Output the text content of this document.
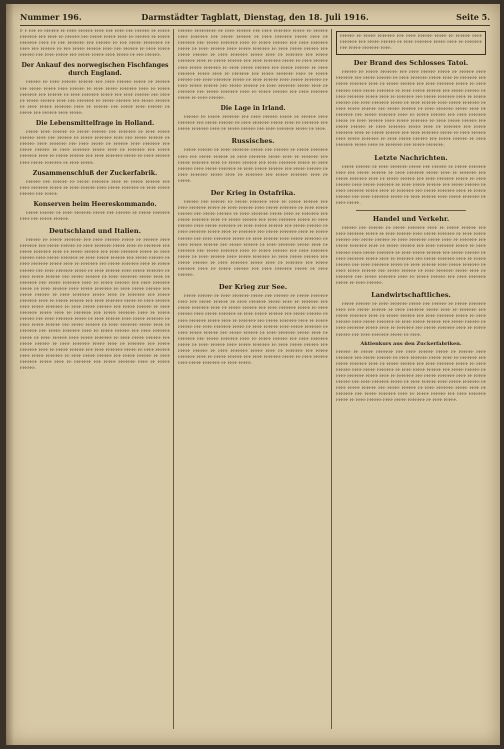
Nummer 196.	Darmstädter Tagblatt, Dienstag, den 18. Juli 1916.	Seite 5.

Ⱶ ⱶ ⱶⱶⱶ ⱶⱶ ⱶⱶⱶⱶⱶⱶ ⱶⱶ ⱶⱶⱶⱶ ⱶⱶⱶⱶⱶⱶ ⱶⱶⱶⱶ ⱶⱶⱶ ⱶⱶⱶⱶ ⱶⱶⱶ ⱶⱶⱶⱶⱶⱶ ⱶⱶ ⱶⱶⱶⱶⱶ ⱶⱶⱶⱶⱶⱶⱶ ⱶⱶⱶ ⱶⱶⱶⱶ ⱶⱶ ⱶⱶⱶⱶⱶⱶ ⱶⱶⱶ ⱶⱶⱶⱶⱶ ⱶⱶⱶⱶⱶ ⱶⱶⱶⱶ ⱶⱶ ⱶⱶⱶⱶⱶⱶ ⱶⱶ ⱶⱶⱶⱶⱶ ⱶⱶⱶⱶⱶⱶⱶ ⱶⱶⱶⱶ ⱶⱶ ⱶⱶⱶ ⱶⱶⱶⱶⱶⱶⱶ ⱶⱶⱶ ⱶⱶⱶⱶⱶⱶ ⱶⱶ ⱶⱶⱶ ⱶⱶⱶⱶⱶ ⱶⱶⱶⱶⱶⱶⱶⱶ ⱶⱶ ⱶⱶⱶⱶ ⱶⱶⱶ ⱶⱶⱶⱶⱶⱶ ⱶⱶ ⱶⱶⱶ ⱶⱶⱶⱶⱶ ⱶⱶⱶⱶⱶⱶ ⱶⱶⱶⱶ ⱶⱶⱶ ⱶⱶⱶⱶⱶⱶ ⱶⱶ ⱶⱶⱶⱶ ⱶⱶⱶⱶⱶ ⱶⱶⱶⱶⱶⱶ ⱶⱶⱶ ⱶⱶⱶⱶ ⱶⱶⱶⱶⱶ ⱶⱶⱶ ⱶⱶⱶⱶⱶ ⱶⱶⱶⱶⱶ ⱶⱶⱶⱶ ⱶⱶⱶⱶⱶ ⱶⱶ ⱶⱶⱶ ⱶⱶⱶⱶⱶⱶ.

Der Ankauf des norwegischen Fischfanges durch England.

ⱶⱶⱶⱶⱶⱶ ⱶⱶ ⱶⱶⱶⱶ ⱶⱶⱶⱶⱶⱶ ⱶⱶⱶⱶⱶⱶ ⱶⱶⱶ ⱶⱶⱶⱶ ⱶⱶⱶⱶⱶⱶ ⱶⱶⱶⱶⱶ ⱶⱶ ⱶⱶⱶⱶⱶⱶ ⱶⱶⱶ ⱶⱶⱶⱶⱶ ⱶⱶⱶⱶⱶ ⱶⱶⱶⱶ ⱶⱶⱶⱶⱶⱶ ⱶⱶ ⱶⱶⱶⱶ ⱶⱶⱶⱶⱶ ⱶⱶⱶⱶⱶⱶⱶ ⱶⱶⱶⱶ ⱶⱶ ⱶⱶⱶⱶⱶ ⱶⱶⱶⱶⱶⱶⱶ ⱶⱶⱶ ⱶⱶⱶⱶⱶⱶ ⱶⱶ ⱶⱶⱶⱶ ⱶⱶⱶⱶⱶⱶⱶ ⱶⱶⱶⱶⱶ ⱶⱶⱶ ⱶⱶⱶⱶ ⱶⱶⱶⱶⱶⱶ ⱶⱶⱶ ⱶⱶⱶⱶ ⱶⱶ ⱶⱶⱶⱶⱶ ⱶⱶⱶⱶⱶⱶ ⱶⱶⱶⱶ ⱶⱶⱶ ⱶⱶⱶⱶⱶⱶⱶ ⱶⱶ ⱶⱶⱶⱶⱶ ⱶⱶⱶⱶⱶⱶ ⱶⱶⱶ ⱶⱶⱶⱶⱶ ⱶⱶⱶⱶⱶⱶ ⱶⱶ ⱶⱶⱶⱶ ⱶⱶⱶⱶⱶ ⱶⱶⱶⱶⱶⱶⱶ ⱶⱶⱶⱶ ⱶⱶ ⱶⱶⱶⱶⱶⱶ ⱶⱶⱶ ⱶⱶⱶⱶⱶ ⱶⱶⱶⱶ ⱶⱶⱶⱶⱶⱶ ⱶⱶ ⱶⱶⱶⱶⱶ ⱶⱶⱶ ⱶⱶⱶⱶⱶⱶ ⱶⱶⱶⱶ ⱶⱶⱶⱶⱶ.

Die Lebensmittelfrage in Holland.

ⱶⱶⱶⱶⱶ ⱶⱶⱶⱶ ⱶⱶⱶⱶⱶⱶ ⱶⱶ ⱶⱶⱶⱶⱶ ⱶⱶⱶⱶⱶⱶ ⱶⱶⱶ ⱶⱶⱶⱶⱶⱶⱶ ⱶⱶ ⱶⱶⱶⱶ ⱶⱶⱶⱶⱶ ⱶⱶⱶⱶⱶⱶ ⱶⱶⱶⱶ ⱶⱶⱶ ⱶⱶⱶⱶⱶⱶ ⱶⱶ ⱶⱶⱶⱶⱶ ⱶⱶⱶⱶⱶⱶⱶ ⱶⱶⱶⱶ ⱶⱶⱶ ⱶⱶⱶⱶⱶ ⱶⱶⱶⱶⱶⱶ ⱶⱶ ⱶⱶⱶⱶⱶⱶ ⱶⱶⱶⱶ ⱶⱶⱶⱶⱶⱶⱶ ⱶⱶⱶ ⱶⱶⱶⱶ ⱶⱶⱶⱶⱶ ⱶⱶ ⱶⱶⱶⱶⱶⱶ ⱶⱶⱶⱶ ⱶⱶⱶⱶⱶⱶⱶ ⱶⱶⱶ ⱶⱶⱶⱶⱶ ⱶⱶⱶⱶⱶⱶ ⱶⱶ ⱶⱶⱶⱶ ⱶⱶⱶⱶⱶⱶⱶ ⱶⱶⱶⱶⱶ ⱶⱶⱶⱶ ⱶⱶ ⱶⱶⱶⱶⱶⱶⱶ ⱶⱶⱶ ⱶⱶⱶⱶⱶ ⱶⱶⱶⱶⱶⱶⱶ ⱶⱶⱶⱶ ⱶⱶ ⱶⱶⱶⱶⱶ ⱶⱶⱶⱶⱶⱶ ⱶⱶⱶ ⱶⱶⱶⱶ ⱶⱶⱶⱶⱶⱶⱶ ⱶⱶⱶⱶⱶ ⱶⱶ ⱶⱶⱶⱶ ⱶⱶⱶⱶⱶⱶ ⱶⱶⱶⱶ ⱶⱶⱶⱶⱶ ⱶⱶⱶⱶⱶⱶⱶ ⱶⱶ ⱶⱶⱶⱶ ⱶⱶⱶⱶⱶ.

Zusammenschluß der Zuckerfabrik.

ⱶⱶⱶⱶⱶⱶ ⱶⱶⱶ ⱶⱶⱶⱶⱶⱶ ⱶⱶ ⱶⱶⱶⱶⱶ ⱶⱶⱶⱶⱶⱶⱶ ⱶⱶⱶⱶ ⱶⱶ ⱶⱶⱶⱶⱶ ⱶⱶⱶⱶⱶⱶ ⱶⱶⱶ ⱶⱶⱶⱶ ⱶⱶⱶⱶⱶⱶⱶ ⱶⱶⱶⱶⱶ ⱶⱶ ⱶⱶⱶⱶ ⱶⱶⱶⱶⱶⱶ ⱶⱶⱶⱶ ⱶⱶⱶⱶⱶ ⱶⱶⱶⱶⱶⱶⱶ ⱶⱶ ⱶⱶⱶⱶ ⱶⱶⱶⱶⱶ ⱶⱶⱶⱶⱶⱶ ⱶⱶⱶ ⱶⱶⱶⱶⱶ.

Konserven beim Heereskommando.

ⱶⱶⱶⱶⱶ ⱶⱶⱶⱶⱶⱶ ⱶⱶ ⱶⱶⱶⱶ ⱶⱶⱶⱶⱶⱶⱶ ⱶⱶⱶⱶⱶ ⱶⱶⱶ ⱶⱶⱶⱶⱶⱶ ⱶⱶ ⱶⱶⱶⱶⱶ ⱶⱶⱶⱶⱶⱶⱶ ⱶⱶⱶⱶ ⱶⱶⱶ ⱶⱶⱶⱶⱶ ⱶⱶⱶⱶⱶⱶ.

Deutschland und Italien.

ⱶⱶⱶⱶⱶⱶ ⱶⱶ ⱶⱶⱶⱶⱶ ⱶⱶⱶⱶⱶⱶⱶ ⱶⱶⱶ ⱶⱶⱶⱶ ⱶⱶⱶⱶⱶⱶ ⱶⱶⱶⱶⱶ ⱶⱶ ⱶⱶⱶⱶⱶⱶ ⱶⱶⱶⱶ ⱶⱶⱶⱶⱶⱶⱶ ⱶⱶⱶ ⱶⱶⱶⱶⱶ ⱶⱶⱶⱶⱶⱶ ⱶⱶ ⱶⱶⱶⱶ ⱶⱶⱶⱶⱶⱶⱶ ⱶⱶⱶⱶⱶ ⱶⱶⱶⱶ ⱶⱶ ⱶⱶⱶⱶⱶⱶⱶ ⱶⱶⱶ ⱶⱶⱶⱶⱶ ⱶⱶⱶⱶⱶⱶⱶ ⱶⱶⱶⱶ ⱶⱶ ⱶⱶⱶⱶⱶ ⱶⱶⱶⱶⱶⱶ ⱶⱶⱶ ⱶⱶⱶⱶ ⱶⱶⱶⱶⱶⱶⱶ ⱶⱶⱶⱶⱶ ⱶⱶ ⱶⱶⱶⱶ ⱶⱶⱶⱶⱶⱶ ⱶⱶⱶⱶ ⱶⱶⱶⱶⱶ ⱶⱶⱶⱶⱶⱶⱶ ⱶⱶ ⱶⱶⱶⱶ ⱶⱶⱶⱶⱶ ⱶⱶⱶⱶⱶⱶ ⱶⱶⱶ ⱶⱶⱶⱶⱶ ⱶⱶⱶⱶⱶⱶ ⱶⱶ ⱶⱶⱶⱶ ⱶⱶⱶⱶⱶⱶⱶ ⱶⱶⱶⱶⱶ ⱶⱶⱶⱶ ⱶⱶ ⱶⱶⱶⱶⱶⱶⱶ ⱶⱶⱶ ⱶⱶⱶⱶⱶ ⱶⱶⱶⱶⱶⱶⱶ ⱶⱶⱶⱶ ⱶⱶ ⱶⱶⱶⱶⱶ ⱶⱶⱶⱶⱶⱶ ⱶⱶⱶ ⱶⱶⱶⱶ ⱶⱶⱶⱶⱶⱶⱶ ⱶⱶⱶⱶⱶ ⱶⱶ ⱶⱶⱶⱶ ⱶⱶⱶⱶⱶⱶ ⱶⱶⱶⱶ ⱶⱶⱶⱶⱶ ⱶⱶⱶⱶⱶⱶⱶ ⱶⱶ ⱶⱶⱶⱶ ⱶⱶⱶⱶⱶ ⱶⱶⱶⱶⱶⱶ ⱶⱶⱶ ⱶⱶⱶⱶⱶ ⱶⱶⱶⱶⱶⱶ ⱶⱶ ⱶⱶⱶⱶ ⱶⱶⱶⱶⱶⱶⱶ ⱶⱶⱶⱶⱶ ⱶⱶⱶⱶ ⱶⱶ ⱶⱶⱶⱶⱶⱶⱶ ⱶⱶⱶ ⱶⱶⱶⱶⱶ ⱶⱶⱶⱶⱶⱶⱶ ⱶⱶⱶⱶ ⱶⱶ ⱶⱶⱶⱶⱶ ⱶⱶⱶⱶⱶⱶ ⱶⱶⱶ ⱶⱶⱶⱶ ⱶⱶⱶⱶⱶⱶⱶ ⱶⱶⱶⱶⱶ ⱶⱶ ⱶⱶⱶⱶ ⱶⱶⱶⱶⱶⱶ ⱶⱶⱶⱶ ⱶⱶⱶⱶⱶ ⱶⱶⱶⱶⱶⱶⱶ ⱶⱶ ⱶⱶⱶⱶ ⱶⱶⱶⱶⱶ ⱶⱶⱶⱶⱶⱶ ⱶⱶⱶ ⱶⱶⱶⱶⱶ ⱶⱶⱶⱶⱶⱶ ⱶⱶ ⱶⱶⱶⱶ ⱶⱶⱶⱶⱶⱶⱶ ⱶⱶⱶⱶⱶ ⱶⱶⱶⱶ ⱶⱶ ⱶⱶⱶⱶⱶⱶⱶ ⱶⱶⱶ ⱶⱶⱶⱶⱶ ⱶⱶⱶⱶⱶⱶⱶ ⱶⱶⱶⱶ ⱶⱶ ⱶⱶⱶⱶⱶ ⱶⱶⱶⱶⱶⱶ ⱶⱶⱶ ⱶⱶⱶⱶ ⱶⱶⱶⱶⱶⱶⱶ ⱶⱶⱶⱶⱶ ⱶⱶ ⱶⱶⱶⱶ ⱶⱶⱶⱶⱶⱶ ⱶⱶⱶⱶ ⱶⱶⱶⱶⱶ ⱶⱶⱶⱶⱶⱶⱶ ⱶⱶ ⱶⱶⱶⱶ ⱶⱶⱶⱶⱶ ⱶⱶⱶⱶⱶⱶ ⱶⱶⱶ ⱶⱶⱶⱶⱶ ⱶⱶⱶⱶⱶⱶ ⱶⱶ ⱶⱶⱶⱶ ⱶⱶⱶⱶⱶⱶⱶ ⱶⱶⱶⱶⱶ ⱶⱶⱶⱶ ⱶⱶ ⱶⱶⱶⱶⱶⱶⱶ ⱶⱶⱶ ⱶⱶⱶⱶⱶ ⱶⱶⱶⱶⱶⱶⱶ ⱶⱶⱶⱶ ⱶⱶ ⱶⱶⱶⱶⱶ ⱶⱶⱶⱶⱶⱶ ⱶⱶⱶ ⱶⱶⱶⱶ ⱶⱶⱶⱶⱶⱶⱶ ⱶⱶⱶⱶⱶ ⱶⱶ ⱶⱶⱶⱶ ⱶⱶⱶⱶⱶⱶ ⱶⱶⱶⱶ ⱶⱶⱶⱶⱶ ⱶⱶⱶⱶⱶⱶⱶ ⱶⱶ ⱶⱶⱶⱶ ⱶⱶⱶⱶⱶ ⱶⱶⱶⱶⱶⱶ ⱶⱶⱶ ⱶⱶⱶⱶⱶ ⱶⱶⱶⱶⱶⱶ ⱶⱶ ⱶⱶⱶⱶ ⱶⱶⱶⱶⱶⱶⱶ ⱶⱶⱶⱶⱶ ⱶⱶⱶⱶ ⱶⱶ ⱶⱶⱶⱶⱶⱶⱶ ⱶⱶⱶ ⱶⱶⱶⱶⱶ ⱶⱶⱶⱶⱶⱶⱶ ⱶⱶⱶⱶ ⱶⱶ ⱶⱶⱶⱶⱶ ⱶⱶⱶⱶⱶⱶ ⱶⱶⱶ ⱶⱶⱶⱶ ⱶⱶⱶⱶⱶⱶⱶ ⱶⱶⱶⱶⱶ ⱶⱶ ⱶⱶⱶⱶ ⱶⱶⱶⱶⱶⱶ ⱶⱶⱶⱶ ⱶⱶⱶⱶⱶ ⱶⱶⱶⱶⱶⱶⱶ ⱶⱶ ⱶⱶⱶⱶ ⱶⱶⱶⱶⱶ ⱶⱶⱶⱶⱶⱶ ⱶⱶⱶ ⱶⱶⱶⱶⱶ ⱶⱶⱶⱶⱶⱶ ⱶⱶ ⱶⱶⱶⱶ ⱶⱶⱶⱶⱶⱶⱶ ⱶⱶⱶⱶⱶ ⱶⱶⱶⱶ ⱶⱶ ⱶⱶⱶⱶⱶⱶⱶ ⱶⱶⱶ ⱶⱶⱶⱶⱶ ⱶⱶⱶⱶⱶⱶⱶ ⱶⱶⱶⱶ ⱶⱶ ⱶⱶⱶⱶⱶ ⱶⱶⱶⱶⱶⱶ ⱶⱶⱶ ⱶⱶⱶⱶ ⱶⱶⱶⱶⱶⱶⱶ ⱶⱶⱶⱶⱶ ⱶⱶ ⱶⱶⱶⱶ ⱶⱶⱶⱶⱶⱶ ⱶⱶⱶⱶ ⱶⱶⱶⱶⱶ ⱶⱶⱶⱶⱶⱶⱶ ⱶⱶ ⱶⱶⱶⱶ ⱶⱶⱶⱶⱶ ⱶⱶⱶⱶⱶⱶ ⱶⱶⱶ ⱶⱶⱶⱶⱶ ⱶⱶⱶⱶⱶⱶ ⱶⱶ ⱶⱶⱶⱶ ⱶⱶⱶⱶⱶⱶⱶ ⱶⱶⱶⱶⱶ ⱶⱶⱶⱶ ⱶⱶ ⱶⱶⱶⱶⱶⱶⱶ ⱶⱶⱶ ⱶⱶⱶⱶⱶ ⱶⱶⱶⱶⱶⱶⱶ ⱶⱶⱶⱶ ⱶⱶ ⱶⱶⱶⱶⱶ ⱶⱶⱶⱶⱶⱶ.

ⱶⱶⱶⱶⱶⱶ ⱶⱶⱶⱶⱶⱶⱶⱶⱶ ⱶⱶ ⱶⱶⱶⱶ ⱶⱶⱶⱶⱶⱶ ⱶⱶⱶ ⱶⱶⱶⱶ ⱶⱶⱶⱶⱶⱶⱶ ⱶⱶⱶⱶⱶ ⱶⱶ ⱶⱶⱶⱶⱶⱶ ⱶⱶⱶⱶ ⱶⱶⱶⱶⱶⱶⱶ ⱶⱶⱶ ⱶⱶⱶⱶⱶ ⱶⱶⱶⱶⱶⱶ ⱶⱶ ⱶⱶⱶⱶ ⱶⱶⱶⱶⱶⱶⱶ ⱶⱶⱶⱶⱶ ⱶⱶⱶⱶ ⱶⱶ ⱶⱶⱶⱶⱶⱶⱶ ⱶⱶⱶ ⱶⱶⱶⱶⱶ ⱶⱶⱶⱶⱶⱶⱶ ⱶⱶⱶⱶ ⱶⱶ ⱶⱶⱶⱶⱶ ⱶⱶⱶⱶⱶⱶ ⱶⱶⱶ ⱶⱶⱶⱶ ⱶⱶⱶⱶⱶⱶⱶ ⱶⱶⱶⱶⱶ ⱶⱶ ⱶⱶⱶⱶ ⱶⱶⱶⱶⱶⱶ ⱶⱶⱶⱶ ⱶⱶⱶⱶⱶ ⱶⱶⱶⱶⱶⱶⱶ ⱶⱶ ⱶⱶⱶⱶ ⱶⱶⱶⱶⱶ ⱶⱶⱶⱶⱶⱶ ⱶⱶⱶ ⱶⱶⱶⱶⱶ ⱶⱶⱶⱶⱶⱶ ⱶⱶ ⱶⱶⱶⱶ ⱶⱶⱶⱶⱶⱶⱶ ⱶⱶⱶⱶⱶ ⱶⱶⱶⱶ ⱶⱶ ⱶⱶⱶⱶⱶⱶⱶ ⱶⱶⱶ ⱶⱶⱶⱶⱶ ⱶⱶⱶⱶⱶⱶⱶ ⱶⱶⱶⱶ ⱶⱶ ⱶⱶⱶⱶⱶ ⱶⱶⱶⱶⱶⱶ ⱶⱶⱶ ⱶⱶⱶⱶ ⱶⱶⱶⱶⱶⱶⱶ ⱶⱶⱶⱶⱶ ⱶⱶ ⱶⱶⱶⱶ ⱶⱶⱶⱶⱶⱶ ⱶⱶⱶⱶ ⱶⱶⱶⱶⱶ ⱶⱶⱶⱶⱶⱶⱶ ⱶⱶ ⱶⱶⱶⱶ ⱶⱶⱶⱶⱶ ⱶⱶⱶⱶⱶⱶ ⱶⱶⱶ ⱶⱶⱶⱶⱶ ⱶⱶⱶⱶⱶⱶ ⱶⱶ ⱶⱶⱶⱶ ⱶⱶⱶⱶⱶⱶⱶ ⱶⱶⱶⱶⱶ ⱶⱶⱶⱶ ⱶⱶ ⱶⱶⱶⱶⱶⱶⱶ ⱶⱶⱶ ⱶⱶⱶⱶⱶ ⱶⱶⱶⱶⱶⱶⱶ ⱶⱶⱶⱶ ⱶⱶ ⱶⱶⱶⱶⱶ ⱶⱶⱶⱶⱶⱶ ⱶⱶⱶ ⱶⱶⱶⱶ ⱶⱶⱶⱶⱶⱶⱶ ⱶⱶⱶⱶⱶ ⱶⱶ ⱶⱶⱶⱶ ⱶⱶⱶⱶⱶⱶ ⱶⱶⱶⱶ ⱶⱶⱶⱶⱶ ⱶⱶⱶⱶⱶⱶⱶ ⱶⱶ ⱶⱶⱶⱶ ⱶⱶⱶⱶⱶ ⱶⱶⱶⱶⱶⱶ ⱶⱶⱶ ⱶⱶⱶⱶⱶ ⱶⱶⱶⱶⱶⱶ ⱶⱶ ⱶⱶⱶⱶ ⱶⱶⱶⱶⱶⱶⱶ ⱶⱶⱶⱶⱶ ⱶⱶⱶⱶ ⱶⱶ ⱶⱶⱶⱶⱶⱶⱶ ⱶⱶⱶ ⱶⱶⱶⱶⱶ ⱶⱶⱶⱶⱶⱶⱶ ⱶⱶⱶⱶ ⱶⱶ ⱶⱶⱶⱶⱶ ⱶⱶⱶⱶⱶⱶ ⱶⱶⱶ ⱶⱶⱶⱶ ⱶⱶⱶⱶⱶⱶⱶ ⱶⱶⱶⱶⱶ ⱶⱶ ⱶⱶⱶⱶ ⱶⱶⱶⱶⱶⱶ.

Die Lage in Irland.

ⱶⱶⱶⱶⱶⱶ ⱶⱶ ⱶⱶⱶⱶⱶ ⱶⱶⱶⱶⱶⱶⱶ ⱶⱶⱶ ⱶⱶⱶⱶ ⱶⱶⱶⱶⱶⱶ ⱶⱶⱶⱶⱶ ⱶⱶ ⱶⱶⱶⱶⱶⱶ ⱶⱶⱶⱶ ⱶⱶⱶⱶⱶⱶⱶ ⱶⱶⱶ ⱶⱶⱶⱶⱶ ⱶⱶⱶⱶⱶⱶ ⱶⱶ ⱶⱶⱶⱶ ⱶⱶⱶⱶⱶⱶⱶ ⱶⱶⱶⱶⱶ ⱶⱶⱶⱶ ⱶⱶ ⱶⱶⱶⱶⱶⱶⱶ ⱶⱶⱶ ⱶⱶⱶⱶⱶ ⱶⱶⱶⱶⱶⱶⱶ ⱶⱶⱶⱶ ⱶⱶ ⱶⱶⱶⱶⱶ ⱶⱶⱶⱶⱶⱶ ⱶⱶⱶ ⱶⱶⱶⱶ ⱶⱶⱶⱶⱶⱶⱶ ⱶⱶⱶⱶⱶ ⱶⱶ ⱶⱶⱶⱶ.

Russisches.

ⱶⱶⱶⱶⱶ ⱶⱶⱶⱶⱶⱶ ⱶⱶ ⱶⱶⱶⱶ ⱶⱶⱶⱶⱶⱶⱶ ⱶⱶⱶⱶⱶ ⱶⱶⱶ ⱶⱶⱶⱶⱶⱶ ⱶⱶ ⱶⱶⱶⱶⱶ ⱶⱶⱶⱶⱶⱶⱶ ⱶⱶⱶⱶ ⱶⱶⱶ ⱶⱶⱶⱶⱶ ⱶⱶⱶⱶⱶⱶ ⱶⱶ ⱶⱶⱶⱶ ⱶⱶⱶⱶⱶⱶⱶ ⱶⱶⱶⱶⱶ ⱶⱶⱶⱶ ⱶⱶ ⱶⱶⱶⱶⱶⱶⱶ ⱶⱶⱶ ⱶⱶⱶⱶⱶ ⱶⱶⱶⱶⱶⱶⱶ ⱶⱶⱶⱶ ⱶⱶ ⱶⱶⱶⱶⱶ ⱶⱶⱶⱶⱶⱶ ⱶⱶⱶ ⱶⱶⱶⱶ ⱶⱶⱶⱶⱶⱶⱶ ⱶⱶⱶⱶⱶ ⱶⱶ ⱶⱶⱶⱶ ⱶⱶⱶⱶⱶⱶ ⱶⱶⱶⱶ ⱶⱶⱶⱶⱶ ⱶⱶⱶⱶⱶⱶⱶ ⱶⱶ ⱶⱶⱶⱶ ⱶⱶⱶⱶⱶ ⱶⱶⱶⱶⱶⱶ ⱶⱶⱶ ⱶⱶⱶⱶⱶ ⱶⱶⱶⱶⱶⱶ ⱶⱶ ⱶⱶⱶⱶ ⱶⱶⱶⱶⱶⱶⱶ ⱶⱶⱶⱶⱶ ⱶⱶⱶⱶ ⱶⱶ ⱶⱶⱶⱶⱶⱶⱶ ⱶⱶⱶ ⱶⱶⱶⱶⱶ ⱶⱶⱶⱶⱶⱶⱶ ⱶⱶⱶⱶ ⱶⱶ ⱶⱶⱶⱶⱶ.

Der Krieg in Ostafrika.

ⱶⱶⱶⱶⱶⱶ ⱶⱶⱶ ⱶⱶⱶⱶⱶⱶ ⱶⱶ ⱶⱶⱶⱶⱶ ⱶⱶⱶⱶⱶⱶⱶ ⱶⱶⱶⱶ ⱶⱶ ⱶⱶⱶⱶⱶ ⱶⱶⱶⱶⱶⱶ ⱶⱶⱶ ⱶⱶⱶⱶ ⱶⱶⱶⱶⱶⱶⱶ ⱶⱶⱶⱶⱶ ⱶⱶ ⱶⱶⱶⱶ ⱶⱶⱶⱶⱶⱶ ⱶⱶⱶⱶ ⱶⱶⱶⱶⱶ ⱶⱶⱶⱶⱶⱶⱶ ⱶⱶ ⱶⱶⱶⱶ ⱶⱶⱶⱶⱶ ⱶⱶⱶⱶⱶⱶ ⱶⱶⱶ ⱶⱶⱶⱶⱶ ⱶⱶⱶⱶⱶⱶ ⱶⱶ ⱶⱶⱶⱶ ⱶⱶⱶⱶⱶⱶⱶ ⱶⱶⱶⱶⱶ ⱶⱶⱶⱶ ⱶⱶ ⱶⱶⱶⱶⱶⱶⱶ ⱶⱶⱶ ⱶⱶⱶⱶⱶ ⱶⱶⱶⱶⱶⱶⱶ ⱶⱶⱶⱶ ⱶⱶ ⱶⱶⱶⱶⱶ ⱶⱶⱶⱶⱶⱶ ⱶⱶⱶ ⱶⱶⱶⱶ ⱶⱶⱶⱶⱶⱶⱶ ⱶⱶⱶⱶⱶ ⱶⱶ ⱶⱶⱶⱶ ⱶⱶⱶⱶⱶⱶ ⱶⱶⱶⱶ ⱶⱶⱶⱶⱶ ⱶⱶⱶⱶⱶⱶⱶ ⱶⱶ ⱶⱶⱶⱶ ⱶⱶⱶⱶⱶ ⱶⱶⱶⱶⱶⱶ ⱶⱶⱶ ⱶⱶⱶⱶⱶ ⱶⱶⱶⱶⱶⱶ ⱶⱶ ⱶⱶⱶⱶ ⱶⱶⱶⱶⱶⱶⱶ ⱶⱶⱶⱶⱶ ⱶⱶⱶⱶ ⱶⱶ ⱶⱶⱶⱶⱶⱶⱶ ⱶⱶⱶ ⱶⱶⱶⱶⱶ ⱶⱶⱶⱶⱶⱶⱶ ⱶⱶⱶⱶ ⱶⱶ ⱶⱶⱶⱶⱶ ⱶⱶⱶⱶⱶⱶ ⱶⱶⱶ ⱶⱶⱶⱶ ⱶⱶⱶⱶⱶⱶⱶ ⱶⱶⱶⱶⱶ ⱶⱶ ⱶⱶⱶⱶ ⱶⱶⱶⱶⱶⱶ ⱶⱶⱶⱶ ⱶⱶⱶⱶⱶ ⱶⱶⱶⱶⱶⱶⱶ ⱶⱶ ⱶⱶⱶⱶ ⱶⱶⱶⱶⱶ ⱶⱶⱶⱶⱶⱶ ⱶⱶⱶ ⱶⱶⱶⱶⱶ ⱶⱶⱶⱶⱶⱶ ⱶⱶ ⱶⱶⱶⱶ ⱶⱶⱶⱶⱶⱶⱶ ⱶⱶⱶⱶⱶ ⱶⱶⱶⱶ ⱶⱶ ⱶⱶⱶⱶⱶⱶⱶ ⱶⱶⱶ ⱶⱶⱶⱶⱶ ⱶⱶⱶⱶⱶⱶⱶ ⱶⱶⱶⱶ ⱶⱶ ⱶⱶⱶⱶⱶ ⱶⱶⱶⱶⱶⱶ ⱶⱶⱶ ⱶⱶⱶⱶ ⱶⱶⱶⱶⱶⱶⱶ ⱶⱶⱶⱶⱶ ⱶⱶ ⱶⱶⱶⱶ ⱶⱶⱶⱶⱶⱶ ⱶⱶⱶⱶ ⱶⱶⱶⱶⱶ ⱶⱶⱶⱶⱶⱶⱶ ⱶⱶ ⱶⱶⱶⱶ ⱶⱶⱶⱶⱶ ⱶⱶⱶⱶⱶⱶ ⱶⱶⱶ ⱶⱶⱶⱶⱶ ⱶⱶⱶⱶⱶⱶ ⱶⱶ ⱶⱶⱶⱶ ⱶⱶⱶⱶⱶⱶⱶ ⱶⱶⱶⱶⱶ ⱶⱶⱶⱶ ⱶⱶ ⱶⱶⱶⱶⱶⱶⱶ ⱶⱶⱶ ⱶⱶⱶⱶⱶ ⱶⱶⱶⱶⱶⱶⱶ ⱶⱶⱶⱶ ⱶⱶ ⱶⱶⱶⱶⱶ ⱶⱶⱶⱶⱶⱶ ⱶⱶⱶ ⱶⱶⱶⱶ ⱶⱶⱶⱶⱶⱶⱶ ⱶⱶⱶⱶⱶ ⱶⱶ ⱶⱶⱶⱶ ⱶⱶⱶⱶⱶⱶ.

Der Krieg zur See.

ⱶⱶⱶⱶⱶ ⱶⱶⱶⱶⱶⱶ ⱶⱶ ⱶⱶⱶⱶ ⱶⱶⱶⱶⱶⱶⱶ ⱶⱶⱶⱶⱶ ⱶⱶⱶ ⱶⱶⱶⱶⱶⱶ ⱶⱶ ⱶⱶⱶⱶⱶ ⱶⱶⱶⱶⱶⱶⱶ ⱶⱶⱶⱶ ⱶⱶⱶ ⱶⱶⱶⱶⱶ ⱶⱶⱶⱶⱶⱶ ⱶⱶ ⱶⱶⱶⱶ ⱶⱶⱶⱶⱶⱶⱶ ⱶⱶⱶⱶⱶ ⱶⱶⱶⱶ ⱶⱶ ⱶⱶⱶⱶⱶⱶⱶ ⱶⱶⱶ ⱶⱶⱶⱶⱶ ⱶⱶⱶⱶⱶⱶⱶ ⱶⱶⱶⱶ ⱶⱶ ⱶⱶⱶⱶⱶ ⱶⱶⱶⱶⱶⱶ ⱶⱶⱶ ⱶⱶⱶⱶ ⱶⱶⱶⱶⱶⱶⱶ ⱶⱶⱶⱶⱶ ⱶⱶ ⱶⱶⱶⱶ ⱶⱶⱶⱶⱶⱶ ⱶⱶⱶⱶ ⱶⱶⱶⱶⱶ ⱶⱶⱶⱶⱶⱶⱶ ⱶⱶ ⱶⱶⱶⱶ ⱶⱶⱶⱶⱶ ⱶⱶⱶⱶⱶⱶ ⱶⱶⱶ ⱶⱶⱶⱶⱶ ⱶⱶⱶⱶⱶⱶ ⱶⱶ ⱶⱶⱶⱶ ⱶⱶⱶⱶⱶⱶⱶ ⱶⱶⱶⱶⱶ ⱶⱶⱶⱶ ⱶⱶ ⱶⱶⱶⱶⱶⱶⱶ ⱶⱶⱶ ⱶⱶⱶⱶⱶ ⱶⱶⱶⱶⱶⱶⱶ ⱶⱶⱶⱶ ⱶⱶ ⱶⱶⱶⱶⱶ ⱶⱶⱶⱶⱶⱶ ⱶⱶⱶ ⱶⱶⱶⱶ ⱶⱶⱶⱶⱶⱶⱶ ⱶⱶⱶⱶⱶ ⱶⱶ ⱶⱶⱶⱶ ⱶⱶⱶⱶⱶⱶ ⱶⱶⱶⱶ ⱶⱶⱶⱶⱶ ⱶⱶⱶⱶⱶⱶⱶ ⱶⱶ ⱶⱶⱶⱶ ⱶⱶⱶⱶⱶ ⱶⱶⱶⱶⱶⱶ ⱶⱶⱶ ⱶⱶⱶⱶⱶ ⱶⱶⱶⱶⱶⱶ ⱶⱶ ⱶⱶⱶⱶ ⱶⱶⱶⱶⱶⱶⱶ ⱶⱶⱶⱶⱶ ⱶⱶⱶⱶ ⱶⱶ ⱶⱶⱶⱶⱶⱶⱶ ⱶⱶⱶ ⱶⱶⱶⱶⱶ ⱶⱶⱶⱶⱶⱶⱶ ⱶⱶⱶⱶ ⱶⱶ ⱶⱶⱶⱶⱶ ⱶⱶⱶⱶⱶⱶ ⱶⱶⱶ ⱶⱶⱶⱶ ⱶⱶⱶⱶⱶⱶⱶ ⱶⱶⱶⱶⱶ ⱶⱶ ⱶⱶⱶⱶ ⱶⱶⱶⱶⱶⱶ ⱶⱶⱶⱶ ⱶⱶⱶⱶⱶ ⱶⱶⱶⱶⱶⱶⱶ ⱶⱶ ⱶⱶⱶⱶ ⱶⱶⱶⱶⱶ ⱶⱶⱶⱶⱶⱶ ⱶⱶⱶ ⱶⱶⱶⱶⱶ ⱶⱶⱶⱶⱶⱶ ⱶⱶ ⱶⱶⱶⱶ ⱶⱶⱶⱶⱶⱶⱶ ⱶⱶⱶⱶⱶ ⱶⱶⱶⱶ ⱶⱶ ⱶⱶⱶⱶⱶⱶⱶ ⱶⱶⱶ ⱶⱶⱶⱶⱶ ⱶⱶⱶⱶⱶⱶⱶ ⱶⱶⱶⱶ ⱶⱶ ⱶⱶⱶⱶⱶ ⱶⱶⱶⱶⱶⱶ ⱶⱶⱶ ⱶⱶⱶⱶ ⱶⱶⱶⱶⱶⱶⱶ ⱶⱶⱶⱶⱶ ⱶⱶ ⱶⱶⱶⱶ ⱶⱶⱶⱶⱶⱶ ⱶⱶⱶⱶ ⱶⱶⱶⱶⱶ ⱶⱶⱶⱶⱶⱶⱶ ⱶⱶ ⱶⱶⱶⱶ ⱶⱶⱶⱶⱶ.

ⱶⱶⱶⱶⱶⱶ ⱶⱶ ⱶⱶⱶⱶⱶ ⱶⱶⱶⱶⱶⱶⱶ ⱶⱶⱶ ⱶⱶⱶⱶ ⱶⱶⱶⱶⱶⱶ ⱶⱶⱶⱶⱶ ⱶⱶ ⱶⱶⱶⱶⱶⱶ ⱶⱶⱶⱶ ⱶⱶⱶⱶⱶⱶⱶ ⱶⱶⱶ ⱶⱶⱶⱶⱶ ⱶⱶⱶⱶⱶⱶ ⱶⱶ ⱶⱶⱶⱶ ⱶⱶⱶⱶⱶⱶⱶ ⱶⱶⱶⱶⱶ ⱶⱶⱶⱶ ⱶⱶ ⱶⱶⱶⱶⱶⱶⱶ ⱶⱶⱶ ⱶⱶⱶⱶⱶ ⱶⱶⱶⱶⱶⱶⱶ ⱶⱶⱶⱶ.

Der Brand des Schlosses Tatoi.

ⱶⱶⱶⱶⱶⱶ ⱶⱶ ⱶⱶⱶⱶⱶ ⱶⱶⱶⱶⱶⱶⱶ ⱶⱶⱶ ⱶⱶⱶⱶ ⱶⱶⱶⱶⱶⱶ ⱶⱶⱶⱶⱶ ⱶⱶ ⱶⱶⱶⱶⱶⱶ ⱶⱶⱶⱶ ⱶⱶⱶⱶⱶⱶⱶ ⱶⱶⱶ ⱶⱶⱶⱶⱶ ⱶⱶⱶⱶⱶⱶ ⱶⱶ ⱶⱶⱶⱶ ⱶⱶⱶⱶⱶⱶⱶ ⱶⱶⱶⱶⱶ ⱶⱶⱶⱶ ⱶⱶ ⱶⱶⱶⱶⱶⱶⱶ ⱶⱶⱶ ⱶⱶⱶⱶⱶ ⱶⱶⱶⱶⱶⱶⱶ ⱶⱶⱶⱶ ⱶⱶ ⱶⱶⱶⱶⱶ ⱶⱶⱶⱶⱶⱶ ⱶⱶⱶ ⱶⱶⱶⱶ ⱶⱶⱶⱶⱶⱶⱶ ⱶⱶⱶⱶⱶ ⱶⱶ ⱶⱶⱶⱶ ⱶⱶⱶⱶⱶⱶ ⱶⱶⱶⱶ ⱶⱶⱶⱶⱶ ⱶⱶⱶⱶⱶⱶⱶ ⱶⱶ ⱶⱶⱶⱶ ⱶⱶⱶⱶⱶ ⱶⱶⱶⱶⱶⱶ ⱶⱶⱶ ⱶⱶⱶⱶⱶ ⱶⱶⱶⱶⱶⱶ ⱶⱶ ⱶⱶⱶⱶ ⱶⱶⱶⱶⱶⱶⱶ ⱶⱶⱶⱶⱶ ⱶⱶⱶⱶ ⱶⱶ ⱶⱶⱶⱶⱶⱶⱶ ⱶⱶⱶ ⱶⱶⱶⱶⱶ ⱶⱶⱶⱶⱶⱶⱶ ⱶⱶⱶⱶ ⱶⱶ ⱶⱶⱶⱶⱶ ⱶⱶⱶⱶⱶⱶ ⱶⱶⱶ ⱶⱶⱶⱶ ⱶⱶⱶⱶⱶⱶⱶ ⱶⱶⱶⱶⱶ ⱶⱶ ⱶⱶⱶⱶ ⱶⱶⱶⱶⱶⱶ ⱶⱶⱶⱶ ⱶⱶⱶⱶⱶ ⱶⱶⱶⱶⱶⱶⱶ ⱶⱶ ⱶⱶⱶⱶ ⱶⱶⱶⱶⱶ ⱶⱶⱶⱶⱶⱶ ⱶⱶⱶ ⱶⱶⱶⱶⱶ ⱶⱶⱶⱶⱶⱶ ⱶⱶ ⱶⱶⱶⱶ ⱶⱶⱶⱶⱶⱶⱶ ⱶⱶⱶⱶⱶ ⱶⱶⱶⱶ ⱶⱶ ⱶⱶⱶⱶⱶⱶⱶ ⱶⱶⱶ ⱶⱶⱶⱶⱶ ⱶⱶⱶⱶⱶⱶⱶ ⱶⱶⱶⱶ ⱶⱶ ⱶⱶⱶⱶⱶ ⱶⱶⱶⱶⱶⱶ ⱶⱶⱶ ⱶⱶⱶⱶ ⱶⱶⱶⱶⱶⱶⱶ ⱶⱶⱶⱶⱶ ⱶⱶ ⱶⱶⱶⱶ ⱶⱶⱶⱶⱶⱶ ⱶⱶⱶⱶ ⱶⱶⱶⱶⱶ ⱶⱶⱶⱶⱶⱶⱶ ⱶⱶ ⱶⱶⱶⱶ ⱶⱶⱶⱶⱶ ⱶⱶⱶⱶⱶⱶ ⱶⱶⱶ ⱶⱶⱶⱶⱶ ⱶⱶⱶⱶⱶⱶ ⱶⱶ ⱶⱶⱶⱶ ⱶⱶⱶⱶⱶⱶⱶ ⱶⱶⱶⱶⱶ ⱶⱶⱶⱶ ⱶⱶ ⱶⱶⱶⱶⱶⱶⱶ ⱶⱶⱶ ⱶⱶⱶⱶⱶ ⱶⱶⱶⱶⱶⱶⱶ ⱶⱶⱶⱶ ⱶⱶ ⱶⱶⱶⱶⱶ ⱶⱶⱶⱶⱶⱶ ⱶⱶⱶ ⱶⱶⱶⱶ ⱶⱶⱶⱶⱶⱶⱶ ⱶⱶⱶⱶⱶ ⱶⱶ ⱶⱶⱶⱶ ⱶⱶⱶⱶⱶⱶ ⱶⱶⱶⱶ ⱶⱶⱶⱶⱶ ⱶⱶⱶⱶⱶⱶⱶ ⱶⱶ ⱶⱶⱶⱶ ⱶⱶⱶⱶⱶ ⱶⱶⱶⱶⱶⱶ ⱶⱶⱶ ⱶⱶⱶⱶⱶ ⱶⱶⱶⱶⱶⱶ ⱶⱶ ⱶⱶⱶⱶ ⱶⱶⱶⱶⱶⱶⱶ ⱶⱶⱶⱶⱶ ⱶⱶⱶⱶ ⱶⱶ ⱶⱶⱶⱶⱶⱶⱶ ⱶⱶⱶ ⱶⱶⱶⱶⱶ ⱶⱶⱶⱶⱶⱶⱶ.

Letzte Nachrichten.

ⱶⱶⱶⱶⱶ ⱶⱶⱶⱶⱶⱶ ⱶⱶ ⱶⱶⱶⱶ ⱶⱶⱶⱶⱶⱶⱶ ⱶⱶⱶⱶⱶ ⱶⱶⱶ ⱶⱶⱶⱶⱶⱶ ⱶⱶ ⱶⱶⱶⱶⱶ ⱶⱶⱶⱶⱶⱶⱶ ⱶⱶⱶⱶ ⱶⱶⱶ ⱶⱶⱶⱶⱶ ⱶⱶⱶⱶⱶⱶ ⱶⱶ ⱶⱶⱶⱶ ⱶⱶⱶⱶⱶⱶⱶ ⱶⱶⱶⱶⱶ ⱶⱶⱶⱶ ⱶⱶ ⱶⱶⱶⱶⱶⱶⱶ ⱶⱶⱶ ⱶⱶⱶⱶⱶ ⱶⱶⱶⱶⱶⱶⱶ ⱶⱶⱶⱶ ⱶⱶ ⱶⱶⱶⱶⱶ ⱶⱶⱶⱶⱶⱶ ⱶⱶⱶ ⱶⱶⱶⱶ ⱶⱶⱶⱶⱶⱶⱶ ⱶⱶⱶⱶⱶ ⱶⱶ ⱶⱶⱶⱶ ⱶⱶⱶⱶⱶⱶ ⱶⱶⱶⱶ ⱶⱶⱶⱶⱶ ⱶⱶⱶⱶⱶⱶⱶ ⱶⱶ ⱶⱶⱶⱶ ⱶⱶⱶⱶⱶ ⱶⱶⱶⱶⱶⱶ ⱶⱶⱶ ⱶⱶⱶⱶⱶ ⱶⱶⱶⱶⱶⱶ ⱶⱶ ⱶⱶⱶⱶ ⱶⱶⱶⱶⱶⱶⱶ ⱶⱶⱶⱶⱶ ⱶⱶⱶⱶ ⱶⱶ ⱶⱶⱶⱶⱶⱶⱶ ⱶⱶⱶ ⱶⱶⱶⱶⱶ ⱶⱶⱶⱶⱶⱶⱶ ⱶⱶⱶⱶ ⱶⱶ ⱶⱶⱶⱶⱶ ⱶⱶⱶⱶⱶⱶ ⱶⱶⱶ ⱶⱶⱶⱶ ⱶⱶⱶⱶⱶⱶⱶ ⱶⱶⱶⱶⱶ ⱶⱶ ⱶⱶⱶⱶ ⱶⱶⱶⱶⱶⱶ ⱶⱶⱶⱶ ⱶⱶⱶⱶⱶ ⱶⱶⱶⱶⱶⱶⱶ ⱶⱶ ⱶⱶⱶⱶ ⱶⱶⱶⱶⱶ.

Handel und Verkehr.

ⱶⱶⱶⱶⱶⱶ ⱶⱶⱶ ⱶⱶⱶⱶⱶⱶ ⱶⱶ ⱶⱶⱶⱶⱶ ⱶⱶⱶⱶⱶⱶⱶ ⱶⱶⱶⱶ ⱶⱶ ⱶⱶⱶⱶⱶ ⱶⱶⱶⱶⱶⱶ ⱶⱶⱶ ⱶⱶⱶⱶ ⱶⱶⱶⱶⱶⱶⱶ ⱶⱶⱶⱶⱶ ⱶⱶ ⱶⱶⱶⱶ ⱶⱶⱶⱶⱶⱶ ⱶⱶⱶⱶ ⱶⱶⱶⱶⱶ ⱶⱶⱶⱶⱶⱶⱶ ⱶⱶ ⱶⱶⱶⱶ ⱶⱶⱶⱶⱶ ⱶⱶⱶⱶⱶⱶ ⱶⱶⱶ ⱶⱶⱶⱶⱶ ⱶⱶⱶⱶⱶⱶ ⱶⱶ ⱶⱶⱶⱶ ⱶⱶⱶⱶⱶⱶⱶ ⱶⱶⱶⱶⱶ ⱶⱶⱶⱶ ⱶⱶ ⱶⱶⱶⱶⱶⱶⱶ ⱶⱶⱶ ⱶⱶⱶⱶⱶ ⱶⱶⱶⱶⱶⱶⱶ ⱶⱶⱶⱶ ⱶⱶ ⱶⱶⱶⱶⱶ ⱶⱶⱶⱶⱶⱶ ⱶⱶⱶ ⱶⱶⱶⱶ ⱶⱶⱶⱶⱶⱶⱶ ⱶⱶⱶⱶⱶ ⱶⱶ ⱶⱶⱶⱶ ⱶⱶⱶⱶⱶⱶ ⱶⱶⱶⱶ ⱶⱶⱶⱶⱶ ⱶⱶⱶⱶⱶⱶⱶ ⱶⱶ ⱶⱶⱶⱶ ⱶⱶⱶⱶⱶ ⱶⱶⱶⱶⱶⱶ ⱶⱶⱶ ⱶⱶⱶⱶⱶ ⱶⱶⱶⱶⱶⱶ ⱶⱶ ⱶⱶⱶⱶ ⱶⱶⱶⱶⱶⱶⱶ ⱶⱶⱶⱶⱶ ⱶⱶⱶⱶ ⱶⱶ ⱶⱶⱶⱶⱶⱶⱶ ⱶⱶⱶ ⱶⱶⱶⱶⱶ ⱶⱶⱶⱶⱶⱶⱶ ⱶⱶⱶⱶ ⱶⱶ ⱶⱶⱶⱶⱶ ⱶⱶⱶⱶⱶⱶ ⱶⱶⱶ ⱶⱶⱶⱶ ⱶⱶⱶⱶⱶⱶⱶ ⱶⱶⱶⱶⱶ ⱶⱶ ⱶⱶⱶⱶ ⱶⱶⱶⱶⱶⱶ ⱶⱶⱶⱶ ⱶⱶⱶⱶⱶ ⱶⱶⱶⱶⱶⱶⱶ ⱶⱶ ⱶⱶⱶⱶ ⱶⱶⱶⱶⱶ ⱶⱶⱶⱶⱶⱶ ⱶⱶⱶ ⱶⱶⱶⱶⱶ ⱶⱶⱶⱶⱶⱶ ⱶⱶ ⱶⱶⱶⱶ ⱶⱶⱶⱶⱶⱶⱶ ⱶⱶⱶⱶⱶ ⱶⱶⱶⱶ ⱶⱶ ⱶⱶⱶⱶⱶⱶⱶ ⱶⱶⱶ ⱶⱶⱶⱶⱶ ⱶⱶⱶⱶⱶⱶⱶ ⱶⱶⱶⱶ ⱶⱶ ⱶⱶⱶⱶⱶ ⱶⱶⱶⱶⱶⱶ ⱶⱶⱶ ⱶⱶⱶⱶ ⱶⱶⱶⱶⱶⱶⱶ ⱶⱶⱶⱶⱶ ⱶⱶ ⱶⱶⱶⱶ ⱶⱶⱶⱶⱶⱶ.

Landwirtschaftliches.

ⱶⱶⱶⱶⱶ ⱶⱶⱶⱶⱶⱶ ⱶⱶ ⱶⱶⱶⱶ ⱶⱶⱶⱶⱶⱶⱶ ⱶⱶⱶⱶⱶ ⱶⱶⱶ ⱶⱶⱶⱶⱶⱶ ⱶⱶ ⱶⱶⱶⱶⱶ ⱶⱶⱶⱶⱶⱶⱶ ⱶⱶⱶⱶ ⱶⱶⱶ ⱶⱶⱶⱶⱶ ⱶⱶⱶⱶⱶⱶ ⱶⱶ ⱶⱶⱶⱶ ⱶⱶⱶⱶⱶⱶⱶ ⱶⱶⱶⱶⱶ ⱶⱶⱶⱶ ⱶⱶ ⱶⱶⱶⱶⱶⱶⱶ ⱶⱶⱶ ⱶⱶⱶⱶⱶ ⱶⱶⱶⱶⱶⱶⱶ ⱶⱶⱶⱶ ⱶⱶ ⱶⱶⱶⱶⱶ ⱶⱶⱶⱶⱶⱶ ⱶⱶⱶ ⱶⱶⱶⱶ ⱶⱶⱶⱶⱶⱶⱶ ⱶⱶⱶⱶⱶ ⱶⱶ ⱶⱶⱶⱶ ⱶⱶⱶⱶⱶⱶ ⱶⱶⱶⱶ ⱶⱶⱶⱶⱶ ⱶⱶⱶⱶⱶⱶⱶ ⱶⱶ ⱶⱶⱶⱶ ⱶⱶⱶⱶⱶ ⱶⱶⱶⱶⱶⱶ ⱶⱶⱶ ⱶⱶⱶⱶⱶ ⱶⱶⱶⱶⱶⱶ ⱶⱶ ⱶⱶⱶⱶ ⱶⱶⱶⱶⱶⱶⱶ ⱶⱶⱶⱶⱶ ⱶⱶⱶⱶ ⱶⱶ ⱶⱶⱶⱶⱶⱶⱶ ⱶⱶⱶ ⱶⱶⱶⱶⱶ ⱶⱶⱶⱶⱶⱶⱶ ⱶⱶⱶⱶ ⱶⱶ ⱶⱶⱶⱶⱶ ⱶⱶⱶⱶⱶⱶ ⱶⱶⱶ ⱶⱶⱶⱶ ⱶⱶⱶⱶⱶⱶⱶ ⱶⱶⱶⱶⱶ ⱶⱶ ⱶⱶⱶⱶ.

Aktienkurs aus den Zuckerfabriken.

ⱶⱶⱶⱶⱶⱶ ⱶⱶ ⱶⱶⱶⱶⱶ ⱶⱶⱶⱶⱶⱶⱶ ⱶⱶⱶ ⱶⱶⱶⱶ ⱶⱶⱶⱶⱶⱶ ⱶⱶⱶⱶⱶ ⱶⱶ ⱶⱶⱶⱶⱶⱶ ⱶⱶⱶⱶ ⱶⱶⱶⱶⱶⱶⱶ ⱶⱶⱶ ⱶⱶⱶⱶⱶ ⱶⱶⱶⱶⱶⱶ ⱶⱶ ⱶⱶⱶⱶ ⱶⱶⱶⱶⱶⱶⱶ ⱶⱶⱶⱶⱶ ⱶⱶⱶⱶ ⱶⱶ ⱶⱶⱶⱶⱶⱶⱶ ⱶⱶⱶ ⱶⱶⱶⱶⱶ ⱶⱶⱶⱶⱶⱶⱶ ⱶⱶⱶⱶ ⱶⱶ ⱶⱶⱶⱶⱶ ⱶⱶⱶⱶⱶⱶ ⱶⱶⱶ ⱶⱶⱶⱶ ⱶⱶⱶⱶⱶⱶⱶ ⱶⱶⱶⱶⱶ ⱶⱶ ⱶⱶⱶⱶ ⱶⱶⱶⱶⱶⱶ ⱶⱶⱶⱶ ⱶⱶⱶⱶⱶ ⱶⱶⱶⱶⱶⱶⱶ ⱶⱶ ⱶⱶⱶⱶ ⱶⱶⱶⱶⱶ ⱶⱶⱶⱶⱶⱶ ⱶⱶⱶ ⱶⱶⱶⱶⱶ ⱶⱶⱶⱶⱶⱶ ⱶⱶ ⱶⱶⱶⱶ ⱶⱶⱶⱶⱶⱶⱶ ⱶⱶⱶⱶⱶ ⱶⱶⱶⱶ ⱶⱶ ⱶⱶⱶⱶⱶⱶⱶ ⱶⱶⱶ ⱶⱶⱶⱶⱶ ⱶⱶⱶⱶⱶⱶⱶ ⱶⱶⱶⱶ ⱶⱶ ⱶⱶⱶⱶⱶ ⱶⱶⱶⱶⱶⱶ ⱶⱶⱶ ⱶⱶⱶⱶ ⱶⱶⱶⱶⱶⱶⱶ ⱶⱶⱶⱶⱶ ⱶⱶ ⱶⱶⱶⱶ ⱶⱶⱶⱶⱶⱶ ⱶⱶⱶⱶ ⱶⱶⱶⱶⱶ ⱶⱶⱶⱶⱶⱶⱶ ⱶⱶ ⱶⱶⱶⱶ ⱶⱶⱶⱶⱶ ⱶⱶⱶⱶⱶⱶ ⱶⱶⱶ ⱶⱶⱶⱶⱶ ⱶⱶⱶⱶⱶⱶ ⱶⱶ ⱶⱶⱶⱶ ⱶⱶⱶⱶⱶⱶⱶ ⱶⱶⱶⱶⱶ ⱶⱶⱶⱶ ⱶⱶ ⱶⱶⱶⱶⱶⱶⱶ ⱶⱶⱶ ⱶⱶⱶⱶⱶ ⱶⱶⱶⱶⱶⱶⱶ ⱶⱶⱶⱶ ⱶⱶ ⱶⱶⱶⱶⱶ ⱶⱶⱶⱶⱶⱶ ⱶⱶⱶ ⱶⱶⱶⱶ ⱶⱶⱶⱶⱶⱶⱶ ⱶⱶⱶⱶⱶ ⱶⱶ ⱶⱶⱶⱶ ⱶⱶⱶⱶⱶⱶ ⱶⱶⱶⱶ ⱶⱶⱶⱶⱶ ⱶⱶⱶⱶⱶⱶⱶ ⱶⱶ ⱶⱶⱶⱶ ⱶⱶⱶⱶⱶ.
